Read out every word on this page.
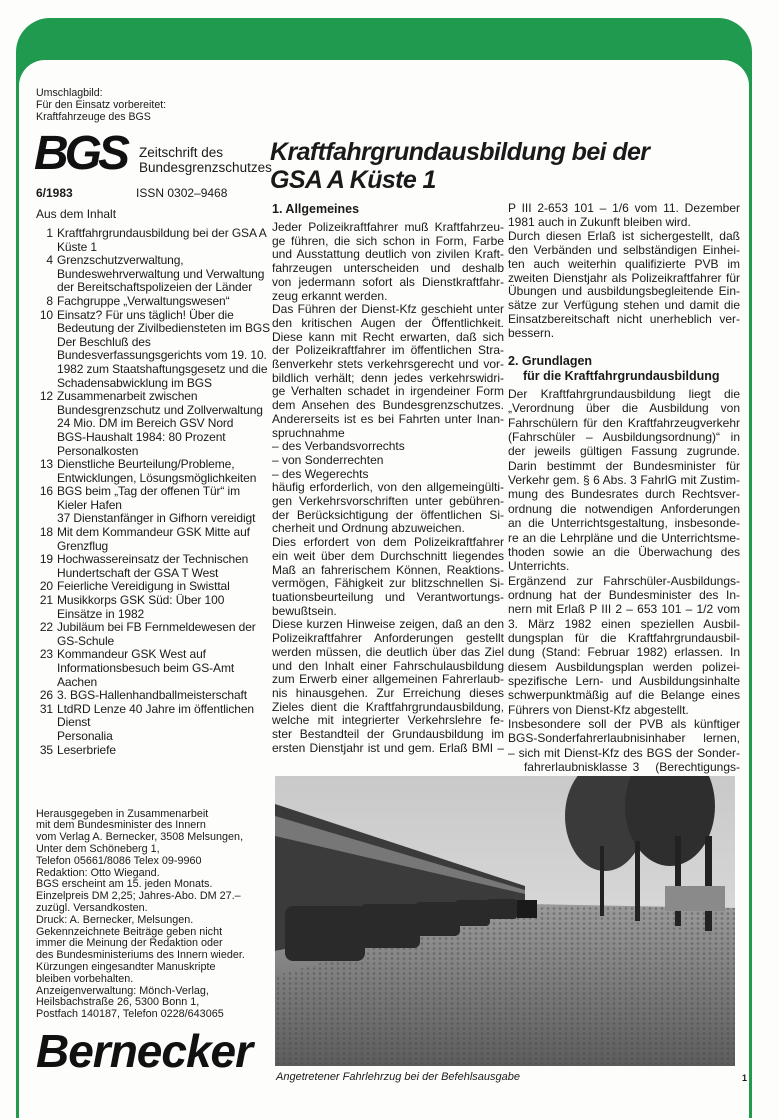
Umschlagbild:
Für den Einsatz vorbereitet:
Kraftfahrzeuge des BGS
BGS Zeitschrift des
Bundesgrenzschutzes
6/1983	ISSN 0302–9468
Aus dem Inhalt
1 Kraftfahrgrundausbildung bei der GSA A Küste 1
4 Grenzschutzverwaltung, Bundeswehrverwaltung und Verwaltung der Bereitschaftspolizeien der Länder
8 Fachgruppe „Verwaltungswesen“
10 Einsatz? Für uns täglich! Über die Bedeutung der Zivilbediensteten im BGS
Der Beschluß des Bundesverfassungsgerichts vom 19. 10. 1982 zum Staatshaftungsgesetz und die Schadensabwicklung im BGS
12 Zusammenarbeit zwischen Bundesgrenzschutz und Zollverwaltung
24 Mio. DM im Bereich GSV Nord
BGS-Haushalt 1984: 80 Prozent Personalkosten
13 Dienstliche Beurteilung/Probleme, Entwicklungen, Lösungsmöglichkeiten
16 BGS beim „Tag der offenen Tür“ im Kieler Hafen
37 Dienstanfänger in Gifhorn vereidigt
18 Mit dem Kommandeur GSK Mitte auf Grenzflug
19 Hochwassereinsatz der Technischen Hundertschaft der GSA T West
20 Feierliche Vereidigung in Swisttal
21 Musikkorps GSK Süd: Über 100 Einsätze in 1982
22 Jubiläum bei FB Fernmeldewesen der GS-Schule
23 Kommandeur GSK West auf Informationsbesuch beim GS-Amt Aachen
26 3. BGS-Hallenhandballmeisterschaft
31 LtdRD Lenze 40 Jahre im öffentlichen Dienst
Personalia
35 Leserbriefe
Herausgegeben in Zusammenarbeit
mit dem Bundesminister des Innern
vom Verlag A. Bernecker, 3508 Melsungen,
Unter dem Schöneberg 1,
Telefon 05661/8086 Telex 09-9960
Redaktion: Otto Wiegand.
BGS erscheint am 15. jeden Monats.
Einzelpreis DM 2,25; Jahres-Abo. DM 27.–
zuzügl. Versandkosten.
Druck: A. Bernecker, Melsungen.
Gekennzeichnete Beiträge geben nicht
immer die Meinung der Redaktion oder
des Bundesministeriums des Innern wieder.
Kürzungen eingesandter Manuskripte
bleiben vorbehalten.
Anzeigenverwaltung: Mönch-Verlag,
Heilsbachstraße 26, 5300 Bonn 1,
Postfach 140187, Telefon 0228/643065
Bernecker
Kraftfahrgrundausbildung bei der
GSA A Küste 1
1. Allgemeines
Jeder Polizeikraftfahrer muß Kraftfahrzeu-
ge führen, die sich schon in Form, Farbe
und Ausstattung deutlich von zivilen Kraft-
fahrzeugen unterscheiden und deshalb
von jedermann sofort als Dienstkraftfahr-
zeug erkannt werden.
Das Führen der Dienst-Kfz geschieht unter
den kritischen Augen der Öffentlichkeit.
Diese kann mit Recht erwarten, daß sich
der Polizeikraftfahrer im öffentlichen Stra-
ßenverkehr stets verkehrsgerecht und vor-
bildlich verhält; denn jedes verkehrswidri-
ge Verhalten schadet in irgendeiner Form
dem Ansehen des Bundesgrenzschutzes.
Andererseits ist es bei Fahrten unter Inan-
spruchnahme
– des Verbandsvorrechts
– von Sonderrechten
– des Wegerechts
häufig erforderlich, von den allgemeingülti-
gen Verkehrsvorschriften unter gebühren-
der Berücksichtigung der öffentlichen Si-
cherheit und Ordnung abzuweichen.
Dies erfordert von dem Polizeikraftfahrer
ein weit über dem Durchschnitt liegendes
Maß an fahrerischem Können, Reaktions-
vermögen, Fähigkeit zur blitzschnellen Si-
tuationsbeurteilung und Verantwortungs-
bewußtsein.
Diese kurzen Hinweise zeigen, daß an den
Polizeikraftfahrer Anforderungen gestellt
werden müssen, die deutlich über das Ziel
und den Inhalt einer Fahrschulausbildung
zum Erwerb einer allgemeinen Fahrerlaub-
nis hinausgehen. Zur Erreichung dieses
Zieles dient die Kraftfahrgrundausbildung,
welche mit integrierter Verkehrslehre fe-
ster Bestandteil der Grundausbildung im
ersten Dienstjahr ist und gem. Erlaß BMI –
P III 2-653 101 – 1/6 vom 11. Dezember
1981 auch in Zukunft bleiben wird.
Durch diesen Erlaß ist sichergestellt, daß
den Verbänden und selbständigen Einhei-
ten auch weiterhin qualifizierte PVB im
zweiten Dienstjahr als Polizeikraftfahrer für
Übungen und ausbildungsbegleitende Ein-
sätze zur Verfügung stehen und damit die
Einsatzbereitschaft nicht unerheblich ver-
bessern.
2. Grundlagen
für die Kraftfahrgrundausbildung
Der Kraftfahrgrundausbildung liegt die
„Verordnung über die Ausbildung von
Fahrschülern für den Kraftfahrzeugverkehr
(Fahrschüler – Ausbildungsordnung)“ in
der jeweils gültigen Fassung zugrunde.
Darin bestimmt der Bundesminister für
Verkehr gem. § 6 Abs. 3 FahrlG mit Zustim-
mung des Bundesrates durch Rechtsver-
ordnung die notwendigen Anforderungen
an die Unterrichtsgestaltung, insbesonde-
re an die Lehrpläne und die Unterrichtsme-
thoden sowie an die Überwachung des
Unterrichts.
Ergänzend zur Fahrschüler-Ausbildungs-
ordnung hat der Bundesminister des In-
nern mit Erlaß P III 2 – 653 101 – 1/2 vom
3. März 1982 einen speziellen Ausbil-
dungsplan für die Kraftfahrgrundausbil-
dung (Stand: Februar 1982) erlassen. In
diesem Ausbildungsplan werden polizei-
spezifische Lern- und Ausbildungsinhalte
schwerpunktmäßig auf die Belange eines
Führers von Dienst-Kfz abgestellt.
Insbesondere soll der PVB als künftiger
BGS-Sonderfahrerlaubnisinhaber lernen,
– sich mit Dienst-Kfz des BGS der Sonder-
fahrerlaubnisklasse 3   (Berechtigungs-
Angetretener Fahrlehrzug bei der Befehlsausgabe	1
